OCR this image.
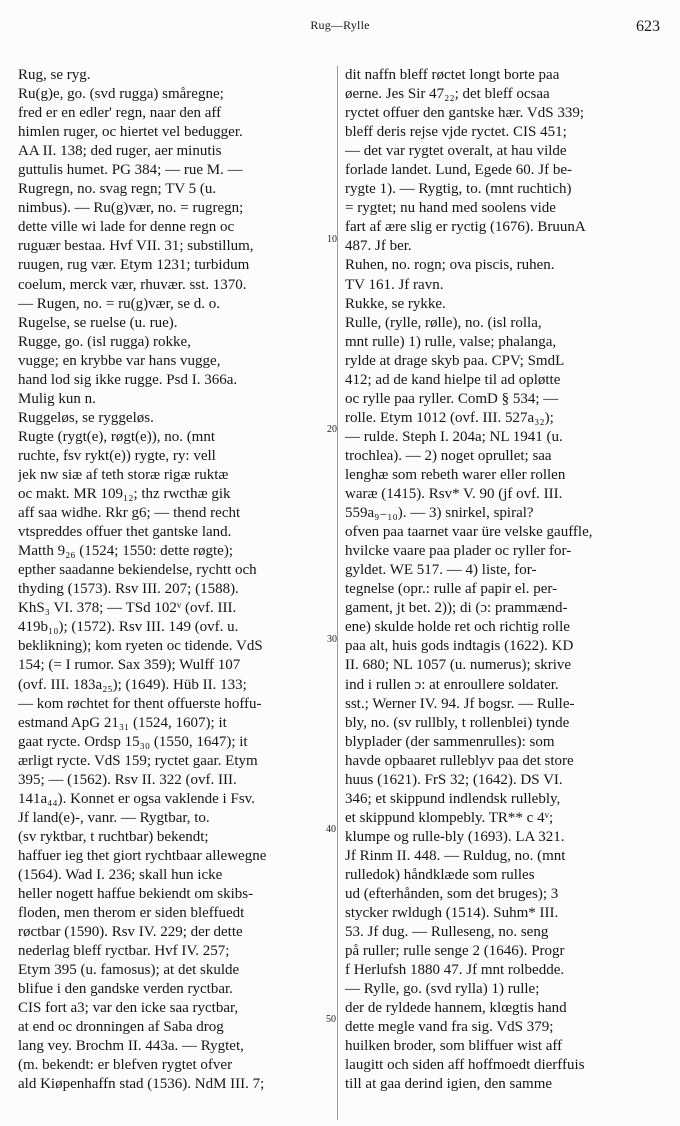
Rug—Rylle	623
Rug, se ryg.
Ru(g)e, go. (svd rugga) småregne;
fred er en edler' regn, naar den aff
himlen ruger, oc hiertet vel bedugger.
AA II. 138; ded ruger, aer minutis
guttulis humet. PG 384; — rue M. —
Rugregn, no. svag regn; TV 5 (u.
nimbus). — Ru(g)vær, no. = rugregn;
dette ville wi lade for denne regn oc
ruguær bestaa. Hvf VII. 31; substillum,
ruugen, rug vær. Etym 1231; turbidum
coelum, merck vær, rhuvær. sst. 1370.
— Rugen, no. = ru(g)vær, se d. o.
Rugelse, se ruelse (u. rue).
Rugge, go. (isl rugga) rokke,
vugge; en krybbe var hans vugge,
hand lod sig ikke rugge. Psd I. 366a.
Mulig kun n.
Ruggeløs, se ryggeløs.
Rugte (rygt(e), røgt(e)), no. (mnt
ruchte, fsv rykt(e)) rygte, ry: vell
jek nw siæ af teth storæ rigæ ruktæ
oc makt. MR 109₁₂; thz rwcthæ gik
aff saa widhe. Rkr g6; — thend recht
vtspreddes offuer thet gantske land.
Matth 9₂₆ (1524; 1550: dette røgte);
epther saadanne bekiendelse, rychtt och
thyding (1573). Rsv III. 207; (1588).
KhS₃ VI. 378; — TSd 102ᵛ (ovf. III.
419b₁₀); (1572). Rsv III. 149 (ovf. u.
beklikning); kom ryeten oc tidende. VdS
154; (= I rumor. Sax 359); Wulff 107
(ovf. III. 183a₂₅); (1649). Hüb II. 133;
— kom røchtet for thent offuerste hoffu-
estmand ApG 21₃₁ (1524, 1607); it
gaat rycte. Ordsp 15₃₀ (1550, 1647); it
ærligt rycte. VdS 159; ryctet gaar. Etym
395; — (1562). Rsv II. 322 (ovf. III.
141a₄₄). Konnet er ogsa vaklende i Fsv.
Jf land(e)-, vanr. — Rygtbar, to.
(sv ryktbar, t ruchtbar) bekendt;
haffuer ieg thet giort rychtbaar allewegne
(1564). Wad I. 236; skall hun icke
heller nogett haffue bekiendt om skibs-
floden, men therom er siden bleffuedt
røctbar (1590). Rsv IV. 229; der dette
nederlag bleff ryctbar. Hvf IV. 257;
Etym 395 (u. famosus); at det skulde
blifue i den gandske verden ryctbar.
CIS fort a3; var den icke saa ryctbar,
at end oc dronningen af Saba drog
lang vey. Brochm II. 443a. — Rygtet,
(m. bekendt: er blefven rygtet ofver
ald Kiøpenhaffn stad (1536). NdM III. 7;
dit naffn bleff røctet longt borte paa
øerne. Jes Sir 47₂₂; det bleff ocsaa
ryctet offuer den gantske hær. VdS 339;
bleff deris rejse vjde ryctet. CIS 451;
— det var rygtet overalt, at hau vilde
forlade landet. Lund, Egede 60. Jf be-
rygte 1). — Rygtig, to. (mnt ruchtich)
= rygtet; nu hand med soolens vide
fart af ære slig er ryctig (1676). BruunA
487. Jf ber.
Ruhen, no. rogn; ova piscis, ruhen.
TV 161. Jf ravn.
Rukke, se rykke.
Rulle, (rylle, rølle), no. (isl rolla,
mnt rulle) 1) rulle, valse; phalanga,
rylde at drage skyb paa. CPV; SmdL
412; ad de kand hielpe til ad opløtte
oc rylle paa ryller. ComD § 534; —
rolle. Etym 1012 (ovf. III. 527a₃₂);
— rulde. Steph I. 204a; NL 1941 (u.
trochlea). — 2) noget oprullet; saa
lenghæ som rebeth warer eller rollen
waræ (1415). Rsv* V. 90 (jf ovf. III.
559a₉₋₁₀). — 3) snirkel, spiral?
ofven paa taarnet vaar üre velske gauffle,
hvilcke vaare paa plader oc ryller for-
gyldet. WE 517. — 4) liste, for-
tegnelse (opr.: rulle af papir el. per-
gament, jt bet. 2)); di (ɔ: prammænd-
ene) skulde holde ret och richtig rolle
paa alt, huis gods indtagis (1622). KD
II. 680; NL 1057 (u. numerus); skrive
ind i rullen ɔ: at enroullere soldater.
sst.; Werner IV. 94. Jf bogsr. — Rulle-
bly, no. (sv rullbly, t rollenblei) tynde
blyplader (der sammenrulles): som
havde opbaaret rulleblyv paa det store
huus (1621). FrS 32; (1642). DS VI.
346; et skippund indlendsk rullebly,
et skippund klompebly. TR** c 4ᵛ;
klumpe og rulle-bly (1693). LA 321.
Jf Rinm II. 448. — Ruldug, no. (mnt
rulledok) håndklæde som rulles
ud (efterhånden, som det bruges); 3
stycker rwldugh (1514). Suhm* III.
53. Jf dug. — Rulleseng, no. seng
på ruller; rulle senge 2 (1646). Progr
f Herlufsh 1880 47. Jf mnt rolbedde.
— Rylle, go. (svd rylla) 1) rulle;
der de ryldede hannem, klœgtis hand
dette megle vand fra sig. VdS 379;
huilken broder, som bliffuer wist aff
laugitt och siden aff hoffmoedt dierffuis
till at gaa derind igien, den samme
10
20
30
40
50
